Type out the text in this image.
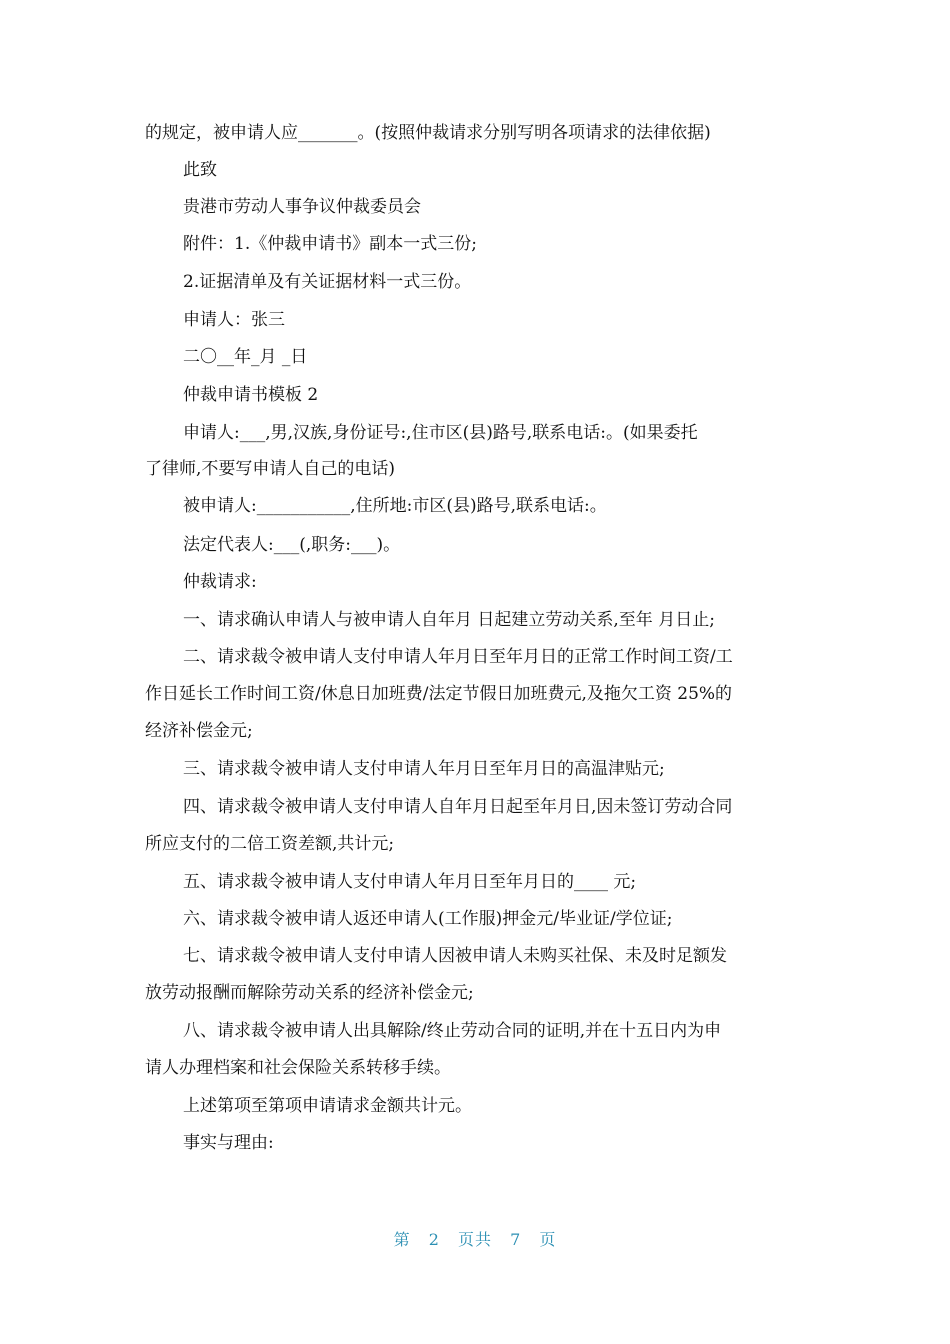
的规定，被申请人应_______。(按照仲裁请求分别写明各项请求的法律依据)
此致
贵港市劳动人事争议仲裁委员会
附件：1.《仲裁申请书》副本一式三份;
2.证据清单及有关证据材料一式三份。
申请人：张三
二〇__年_月 _日
仲裁申请书模板 2
申请人:___,男,汉族,身份证号:,住市区(县)路号,联系电话:。(如果委托
了律师,不要写申请人自己的电话)
被申请人:___________,住所地:市区(县)路号,联系电话:。
法定代表人:___(,职务:___)。
仲裁请求:
一、请求确认申请人与被申请人自年月 日起建立劳动关系,至年 月日止;
二、请求裁令被申请人支付申请人年月日至年月日的正常工作时间工资/工
作日延长工作时间工资/休息日加班费/法定节假日加班费元,及拖欠工资 25%的
经济补偿金元;
三、请求裁令被申请人支付申请人年月日至年月日的高温津贴元;
四、请求裁令被申请人支付申请人自年月日起至年月日,因未签订劳动合同
所应支付的二倍工资差额,共计元;
五、请求裁令被申请人支付申请人年月日至年月日的____ 元;
六、请求裁令被申请人返还申请人(工作服)押金元/毕业证/学位证;
七、请求裁令被申请人支付申请人因被申请人未购买社保、未及时足额发
放劳动报酬而解除劳动关系的经济补偿金元;
八、请求裁令被申请人出具解除/终止劳动合同的证明,并在十五日内为申
请人办理档案和社会保险关系转移手续。
上述第项至第项申请请求金额共计元。
事实与理由:
第 2 页共 7 页
